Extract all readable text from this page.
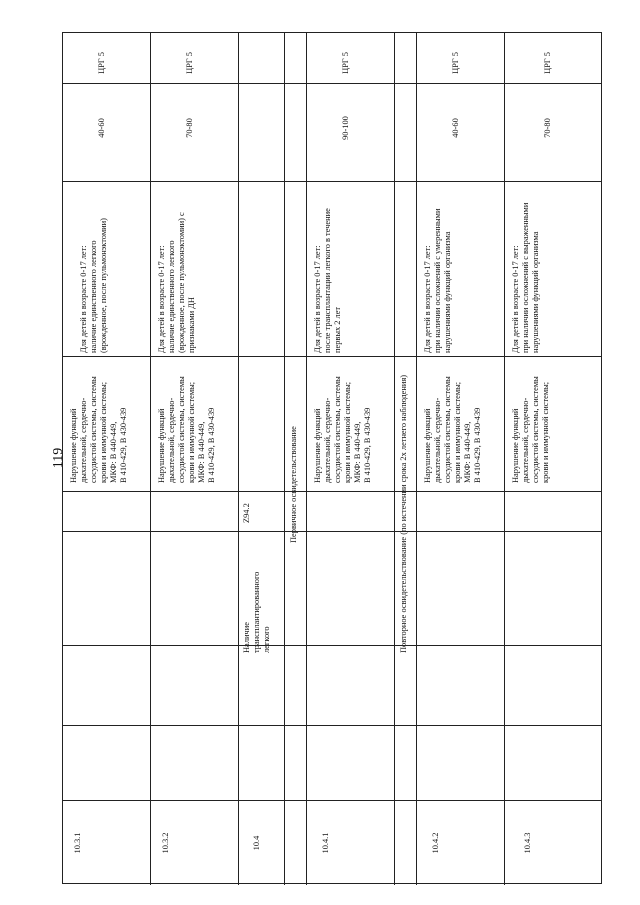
119
10.3.1
Нарушение функций дыхательной, сердечно-сосудистой системы, системы крови и иммунной системы;
МКФ: В 440-449,
В 410-429, В 430-439
Для детей в возрасте 0-17 лет:
наличие единственного легкого
(врожденное, после пульмонэктомии)
40-60
ЦРГ 5
10.3.2
Нарушение функций дыхательной, сердечно-сосудистой системы, системы крови и иммунной системы;
МКФ: В 440-449,
В 410-429, В 430-439
Для детей в возрасте 0-17 лет:
наличие единственного легкого
(врожденное, после пульмонэктомии) с признаками ДН
70-80
ЦРГ 5
10.4
Наличие трансплантированного легкого
Z94.2	Первичное освидетельствование
10.4.1
Нарушение функций дыхательной, сердечно-сосудистой системы, системы крови и иммунной системы;
МКФ: В 440-449,
В 410-429, В 430-439
Для детей в возрасте 0-17 лет:
после трансплантации легкого в течение первых 2 лет
90-100
ЦРГ 5
Повторное освидетельствование (по истечении срока 2х летнего наблюдения)
10.4.2
Нарушение функций дыхательной, сердечно-сосудистой системы, системы крови и иммунной системы;
МКФ: В 440-449,
В 410-429, В 430-439
Для детей в возрасте 0-17 лет:
при наличии осложнений с умеренными нарушениями функций организма
40-60
ЦРГ 5
10.4.3
Нарушение функций дыхательной, сердечно-сосудистой системы, системы крови и иммунной системы;
Для детей в возрасте 0-17 лет:
при наличии осложнений с выраженными нарушениями функций организма
70-80
ЦРГ 5
